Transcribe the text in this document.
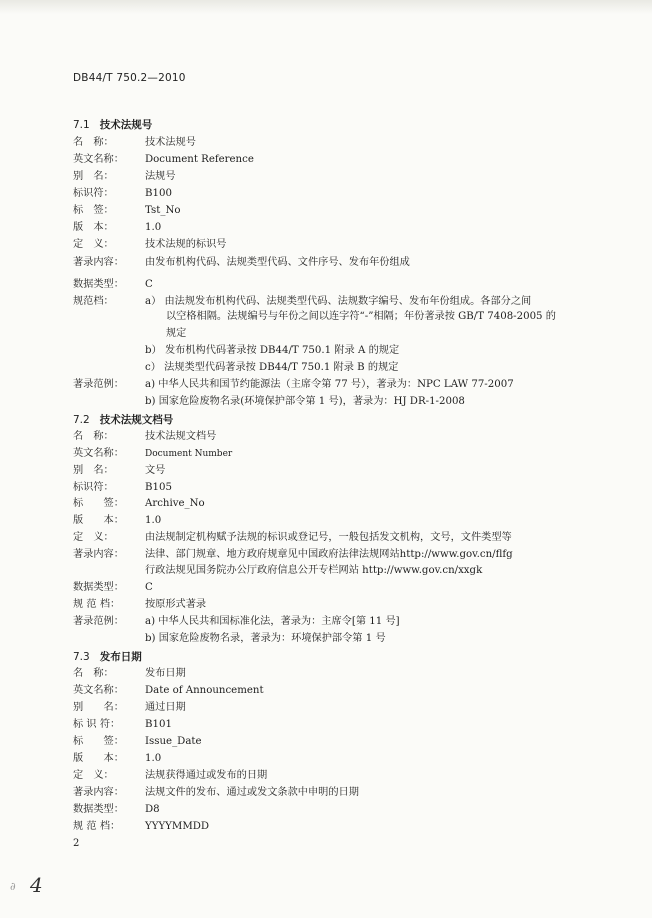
DB44/T 750.2—2010
7.1 技术法规号
名　称：	技术法规号
英文名称： Document Reference
别　名：	法规号
标识符：	B100
标　签：	Tst_No
版　本：	1.0
定　义：	技术法规的标识号
著录内容： 由发布机构代码、法规类型代码、文件序号、发布年份组成
数据类型： C
规范档：	a） 由法规发布机构代码、法规类型代码、法规数字编号、发布年份组成。各部分之间
以空格相隔。法规编号与年份之间以连字符“-”相隔；年份著录按 GB/T 7408-2005 的
规定
b） 发布机构代码著录按 DB44/T 750.1 附录 A 的规定
c） 法规类型代码著录按 DB44/T 750.1 附录 B 的规定
著录范例： a) 中华人民共和国节约能源法（主席令第 77 号），著录为：NPC LAW 77-2007
b) 国家危险废物名录(环境保护部令第 1 号)，著录为：HJ DR-1-2008
7.2 技术法规文档号
名　称：	技术法规文档号
英文名称： Document Number
别　名：	文号
标识符：	B105
标　　签： Archive_No
版　　本： 1.0
定　义：	由法规制定机构赋予法规的标识或登记号，一般包括发文机构，文号，文件类型等
著录内容： 法律、部门规章、地方政府规章见中国政府法律法规网站http://www.gov.cn/flfg
行政法规见国务院办公厅政府信息公开专栏网站 http://www.gov.cn/xxgk
数据类型： C
规 范 档： 按原形式著录
著录范例： a) 中华人民共和国标准化法，著录为：主席令[第 11 号]
b) 国家危险废物名录，著录为：环境保护部令第 1 号
7.3 发布日期
名　称：	发布日期
英文名称： Date of Announcement
别　　名： 通过日期
标 识 符： B101
标　　签： Issue_Date
版　　本： 1.0
定　义：	法规获得通过或发布的日期
著录内容： 法规文件的发布、通过或发文条款中申明的日期
数据类型： D8
规 范 档： YYYYMMDD
2
∂ 4
